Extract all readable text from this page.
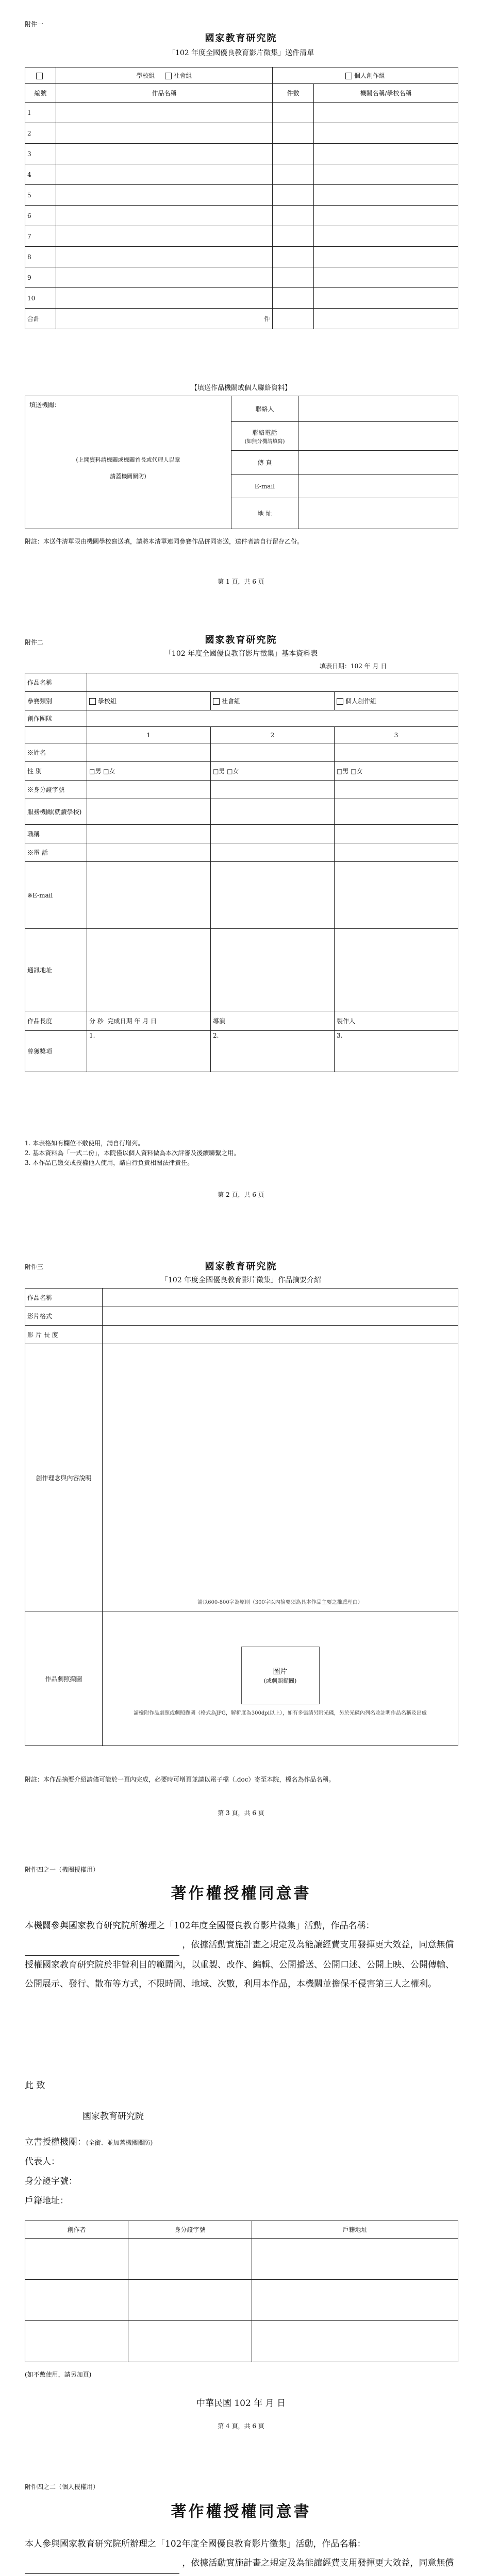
附件一
國家教育研究院
「102 年度全國優良教育影片徵集」送件清單
	學校組 社會組	個人創作組	
編號	作品名稱	件數	機關名稱/學校名稱
1			
2			
3			
4			
5			
6			
7			
8			
9			
10			
合計	件		
【填送作品機關或個人聯絡資料】
填送機關：
(上開資料請機關或機關首長或代理人以章
請蓋機關關防)	聯絡人	

	聯絡電話
(如無分機請填寫)	

	傳 真	
	E-mail	
	地 址	
附註：本送件清單限由機關學校寫送填，請將本清單連同參賽作品併同寄送，送件者請自行留存乙份。
第 1 頁，共 6 頁
附件二	國家教育研究院
「102 年度全國優良教育影片徵集」基本資料表
填表日期：102 年 月 日
作品名稱			
參賽類別	學校組	社會組	個人創作組
創作團隊			
	1	2	3
※姓名			
性 別	□男 □女	□男 □女	□男 □女
※身分證字號			
服務機關(就讀學校)			
職稱			
※電 話			
※E-mail			
通訊地址			
作品長度	分 秒 完成日期 年 月 日	導演	製作人
曾獲獎項	1.	2.	3.
1. 本表格如有欄位不敷使用，請自行增列。
2. 基本資料為「一式二份」，本院僅以個人資料做為本次評審及後續聯繫之用。
3. 本作品已繳交或授權他人使用，請自行負責相關法律責任。
第 2 頁，共 6 頁
附件三	國家教育研究院
「102 年度全國優良教育影片徵集」作品摘要介紹
作品名稱	
影片格式	
影 片 長 度	
創作理念與內容說明	請以600-800字為原則（300字以內摘要須為具本作品主要之推薦理由）
作品劇照擷圖	圖片
(或劇照擷圖)
請檢附作品劇照或劇照擷圖（格式為JPG，解析度為300dpi以上），如有多張請另附光碟，另於光碟內列名並註明作品名稱及出處
附註：本作品摘要介紹請儘可能於一頁內完成，必要時可增頁並請以電子檔（.doc）寄至本院，檔名為作品名稱。
第 3 頁，共 6 頁
附件四之一（機關授權用）
著作權授權同意書
本機關參與國家教育研究院所辦理之「102年度全國優良教育影片徵集」活動，作品名稱：   ，依據活動實施計畫之規定及為能讓經費支用發揮更大效益，同意無償授權國家教育研究院於非營利目的範圍內，以重製、改作、編輯、公開播送、公開口述、公開上映、公開傳輸、公開展示、發行、散布等方式，不限時間、地域、次數，利用本作品，本機關並擔保不侵害第三人之權利。
此 致
國家教育研究院
立書授權機關：(全銜、並加蓋機關關防)
代表人：
身分證字號：
戶籍地址：
創作者	身分證字號	戶籍地址

(如不敷使用，請另加頁)
中華民國 102 年 月 日
第 4 頁，共 6 頁
附件四之二（個人授權用）
著作權授權同意書
本人參與國家教育研究院所辦理之「102年度全國優良教育影片徵集」活動，作品名稱：   ，依據活動實施計畫之規定及為能讓經費支用發揮更大效益，同意無償
